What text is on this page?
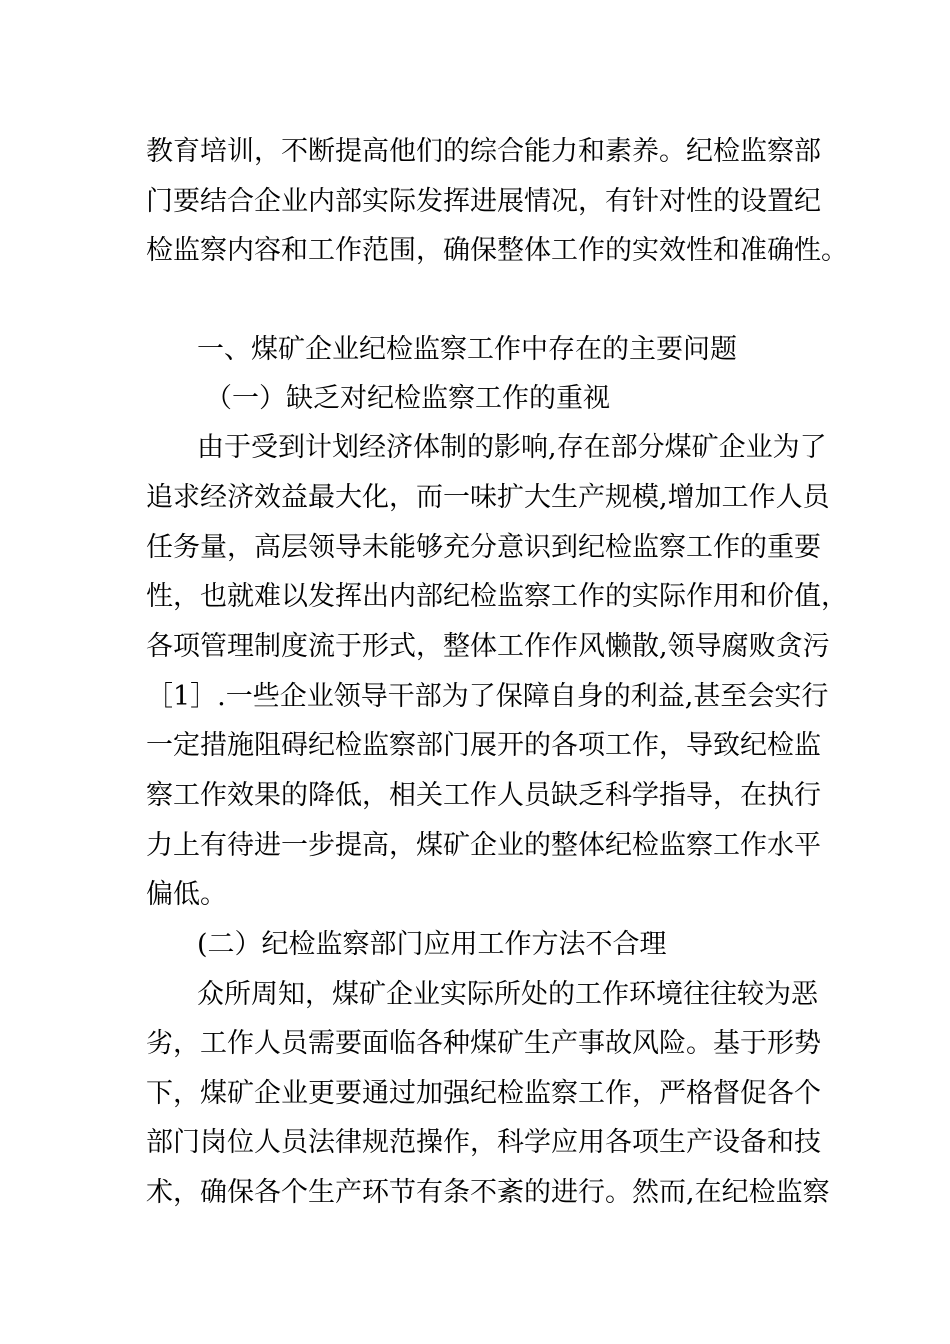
教育培训，不断提高他们的综合能力和素养。纪检监察部
门要结合企业内部实际发挥进展情况，有针对性的设置纪
检监察内容和工作范围，确保整体工作的实效性和准确性。
一、煤矿企业纪检监察工作中存在的主要问题
（一）缺乏对纪检监察工作的重视
由于受到计划经济体制的影响,存在部分煤矿企业为了
追求经济效益最大化，而一味扩大生产规模,增加工作人员
任务量，高层领导未能够充分意识到纪检监察工作的重要
性，也就难以发挥出内部纪检监察工作的实际作用和价值，
各项管理制度流于形式，整体工作作风懒散,领导腐败贪污
［1］.一些企业领导干部为了保障自身的利益,甚至会实行
一定措施阻碍纪检监察部门展开的各项工作，导致纪检监
察工作效果的降低，相关工作人员缺乏科学指导，在执行
力上有待进一步提高，煤矿企业的整体纪检监察工作水平
偏低。
(二）纪检监察部门应用工作方法不合理
众所周知，煤矿企业实际所处的工作环境往往较为恶
劣，工作人员需要面临各种煤矿生产事故风险。基于形势
下，煤矿企业更要通过加强纪检监察工作，严格督促各个
部门岗位人员法律规范操作，科学应用各项生产设备和技
术，确保各个生产环节有条不紊的进行。然而,在纪检监察
